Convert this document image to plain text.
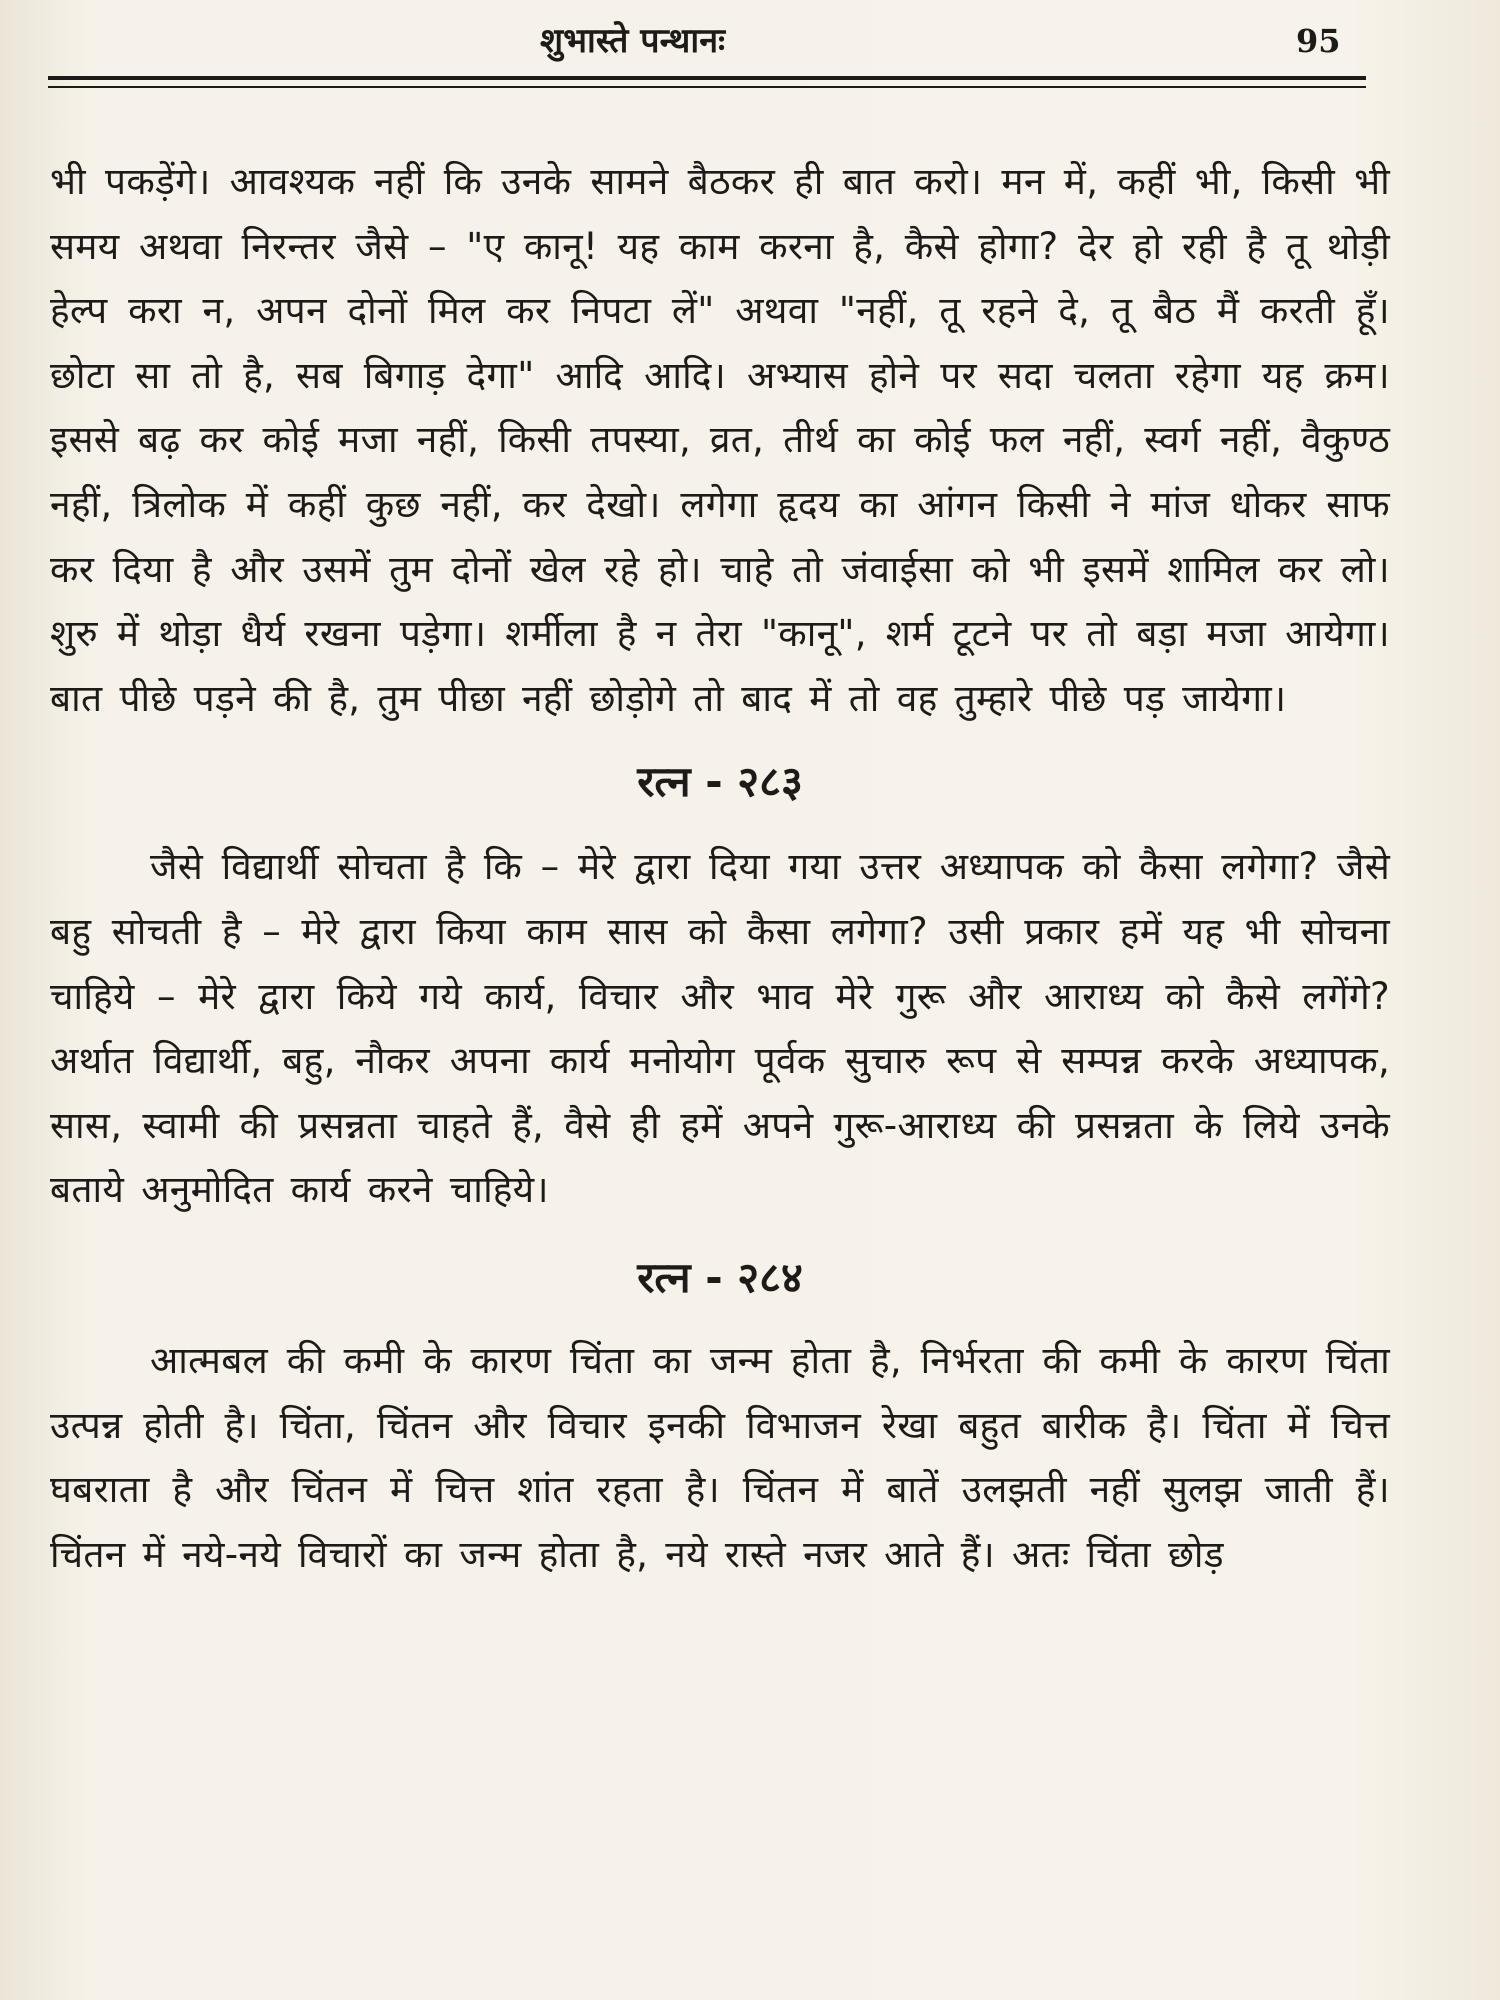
शुभास्ते पन्थानः	95

भी पकड़ेंगे। आवश्यक नहीं कि उनके सामने बैठकर ही बात करो। मन में, कहीं भी, किसी भी समय अथवा निरन्तर जैसे – "ए कानू! यह काम करना है, कैसे होगा? देर हो रही है तू थोड़ी हेल्प करा न, अपन दोनों मिल कर निपटा लें" अथवा "नहीं, तू रहने दे, तू बैठ मैं करती हूँ। छोटा सा तो है, सब बिगाड़ देगा" आदि आदि। अभ्यास होने पर सदा चलता रहेगा यह क्रम। इससे बढ़ कर कोई मजा नहीं, किसी तपस्या, व्रत, तीर्थ का कोई फल नहीं, स्वर्ग नहीं, वैकुण्ठ नहीं, त्रिलोक में कहीं कुछ नहीं, कर देखो। लगेगा हृदय का आंगन किसी ने मांज धोकर साफ कर दिया है और उसमें तुम दोनों खेल रहे हो। चाहे तो जंवाईसा को भी इसमें शामिल कर लो। शुरु में थोड़ा धैर्य रखना पड़ेगा। शर्मीला है न तेरा "कानू", शर्म टूटने पर तो बड़ा मजा आयेगा। बात पीछे पड़ने की है, तुम पीछा नहीं छोड़ोगे तो बाद में तो वह तुम्हारे पीछे पड़ जायेगा।

रत्न - २८३

जैसे विद्यार्थी सोचता है कि – मेरे द्वारा दिया गया उत्तर अध्यापक को कैसा लगेगा? जैसे बहु सोचती है – मेरे द्वारा किया काम सास को कैसा लगेगा? उसी प्रकार हमें यह भी सोचना चाहिये – मेरे द्वारा किये गये कार्य, विचार और भाव मेरे गुरू और आराध्य को कैसे लगेंगे? अर्थात विद्यार्थी, बहु, नौकर अपना कार्य मनोयोग पूर्वक सुचारु रूप से सम्पन्न करके अध्यापक, सास, स्वामी की प्रसन्नता चाहते हैं, वैसे ही हमें अपने गुरू-आराध्य की प्रसन्नता के लिये उनके बताये अनुमोदित कार्य करने चाहिये।

रत्न - २८४

आत्मबल की कमी के कारण चिंता का जन्म होता है, निर्भरता की कमी के कारण चिंता उत्पन्न होती है। चिंता, चिंतन और विचार इनकी विभाजन रेखा बहुत बारीक है। चिंता में चित्त घबराता है और चिंतन में चित्त शांत रहता है। चिंतन में बातें उलझती नहीं सुलझ जाती हैं। चिंतन में नये-नये विचारों का जन्म होता है, नये रास्ते नजर आते हैं। अतः चिंता छोड़
